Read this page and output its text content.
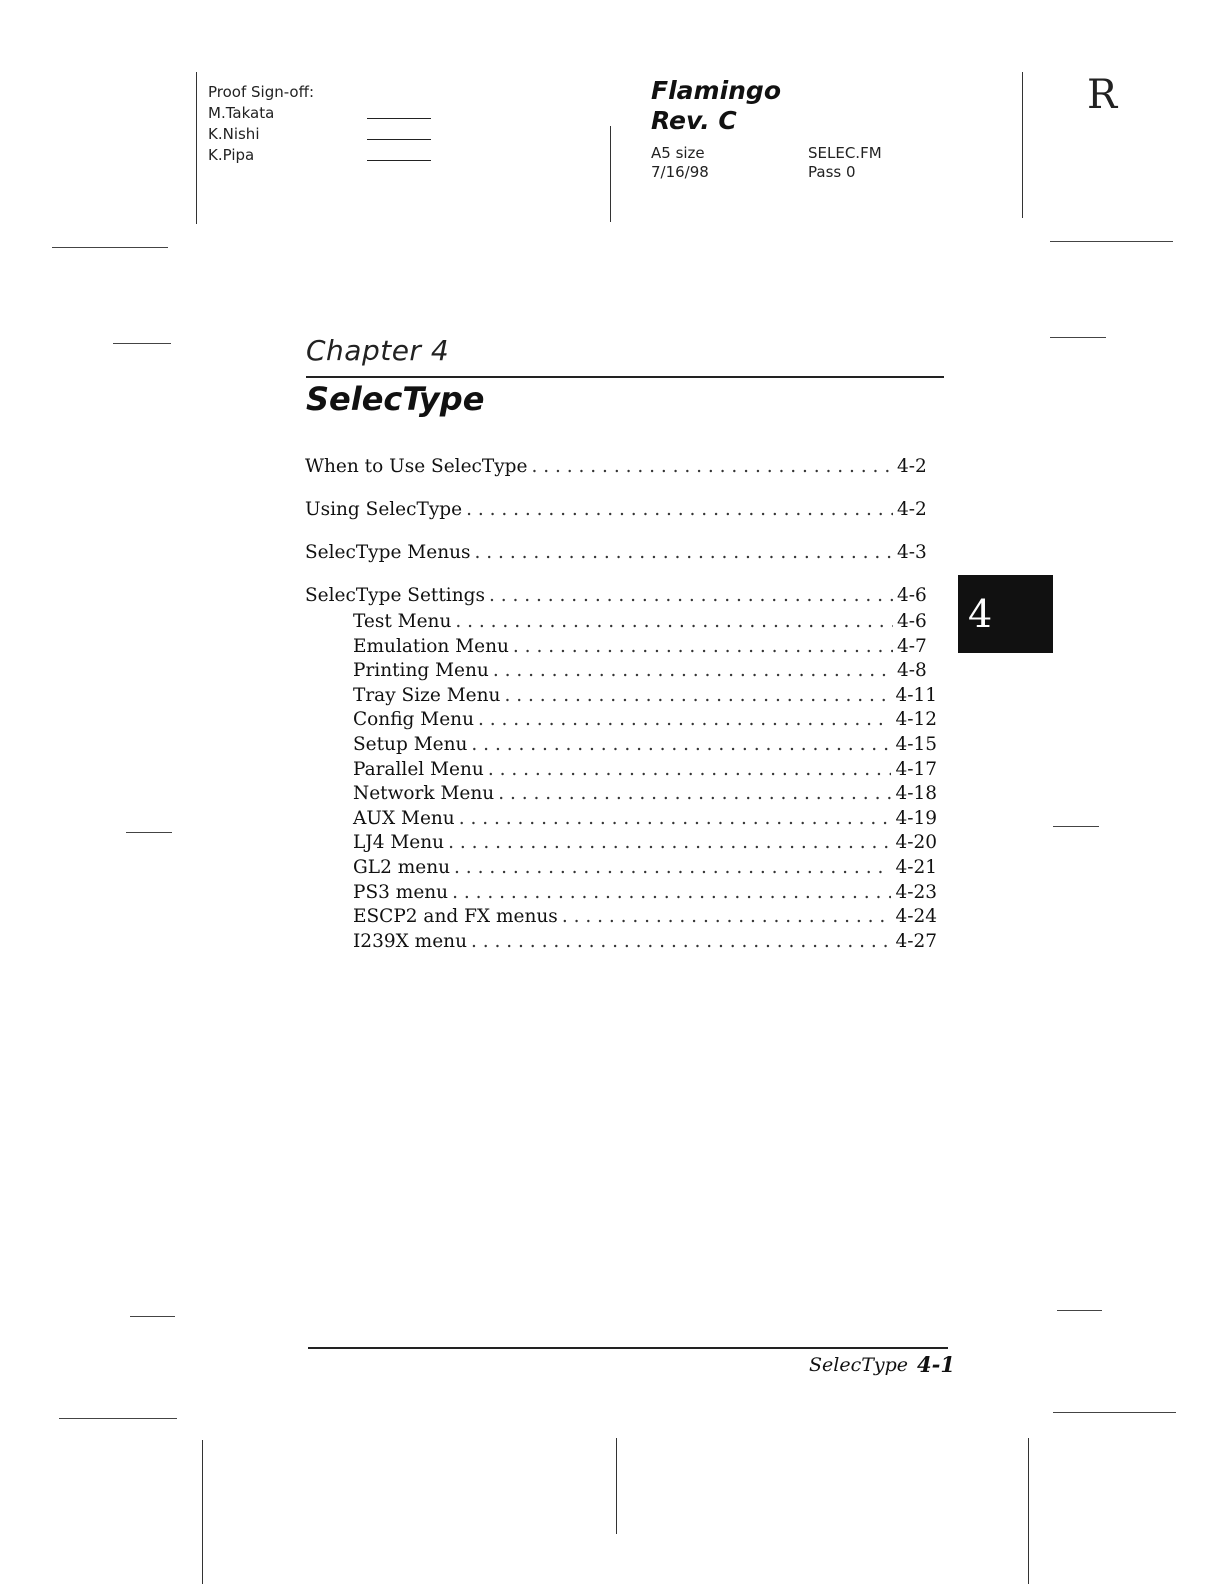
Proof Sign-off:
M.Takata
K.Nishi
K.Pipa
Flamingo
Rev. C
A5 size
7/16/98
SELEC.FM
Pass 0
R
Chapter 4
SelecType
When to Use SelecType . . .	4-2
Using SelecType . . .	4-2
SelecType Menus . . .	4-3
SelecType Settings . . .	4-6
Test Menu . . .	4-6
Emulation Menu . . .	4-7
Printing Menu . . .	4-8
Tray Size Menu . . .	4-11
Config Menu . . .	4-12
Setup Menu . . .	4-15
Parallel Menu . . .	4-17
Network Menu . . .	4-18
AUX Menu . . .	4-19
LJ4 Menu . . .	4-20
GL2 menu . . .	4-21
PS3 menu . . .	4-23
ESCP2 and FX menus . . .	4-24
I239X menu . . .	4-27
4
SelecType 4-1
